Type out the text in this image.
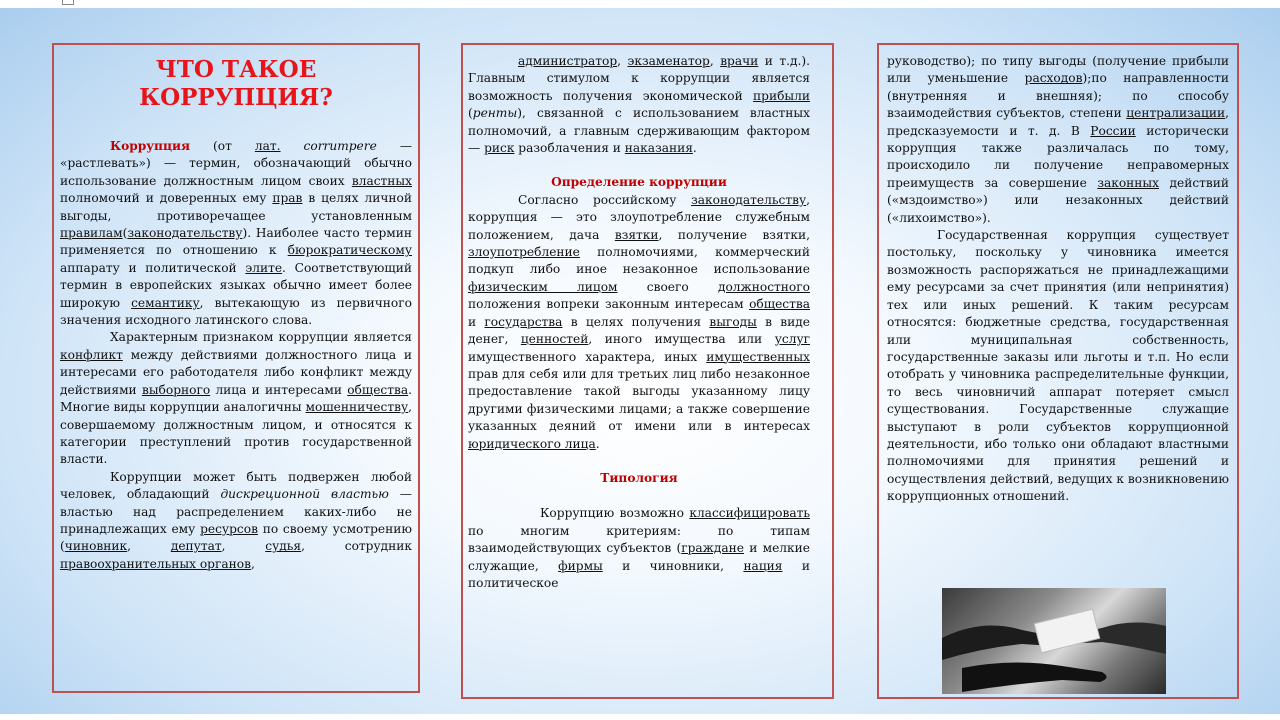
ЧТО ТАКОЕ
КОРРУПЦИЯ?

Коррупция (от лат. corrumpere — «растлевать») — термин, обозначающий обычно использование должностным лицом своих властных полномочий и доверенных ему прав в целях личной выгоды, противоречащее установленным правилам(законодательству). Наиболее часто термин применяется по отношению к бюрократическому аппарату и политической элите. Соответствующий термин в европейских языках обычно имеет более широкую семантику, вытекающую из первичного значения исходного латинского слова.

Характерным признаком коррупции является конфликт между действиями должностного лица и интересами его работодателя либо конфликт между действиями выборного лица и интересами общества. Многие виды коррупции аналогичны мошенничеству, совершаемому должностным лицом, и относятся к категории преступлений против государственной власти.

Коррупции может быть подвержен любой человек, обладающий дискреционной властью — властью над распределением каких-либо не принадлежащих ему ресурсов по своему усмотрению (чиновник, депутат, судья, сотрудник правоохранительных органов,

администратор, экзаменатор, врачи и т.д.). Главным стимулом к коррупции является возможность получения экономической прибыли (ренты), связанной с использованием властных полномочий, а главным сдерживающим фактором — риск разоблачения и наказания.

Определение коррупции

Согласно российскому законодательству, коррупция — это злоупотребление служебным положением, дача взятки, получение взятки, злоупотребление полномочиями, коммерческий подкуп либо иное незаконное использование физическим лицом своего должностного положения вопреки законным интересам общества и государства в целях получения выгоды в виде денег, ценностей, иного имущества или услуг имущественного характера, иных имущественных прав для себя или для третьих лиц либо незаконное предоставление такой выгоды указанному лицу другими физическими лицами; а также совершение указанных деяний от имени или в интересах юридического лица.

Типология

Коррупцию возможно классифицировать по многим критериям: по типам взаимодействующих субъектов (граждане и мелкие служащие, фирмы и чиновники, нация и политическое

руководство); по типу выгоды (получение прибыли или уменьшение расходов);по направленности (внутренняя и внешняя); по способу взаимодействия субъектов, степени централизации, предсказуемости и т. д. В России исторически коррупция также различалась по тому, происходило ли получение неправомерных преимуществ за совершение законных действий («мздоимство») или незаконных действий («лихоимство»).

Государственная коррупция существует постольку, поскольку у чиновника имеется возможность распоряжаться не принадлежащими ему ресурсами за счет принятия (или непринятия) тех или иных решений. К таким ресурсам относятся: бюджетные средства, государственная или муниципальная собственность, государственные заказы или льготы и т.п. Но если отобрать у чиновника распределительные функции, то весь чиновничий аппарат потеряет смысл существования. Государственные служащие выступают в роли субъектов коррупционной деятельности, ибо только они обладают властными полномочиями для принятия решений и осуществления действий, ведущих к возникновению коррупционных отношений.
